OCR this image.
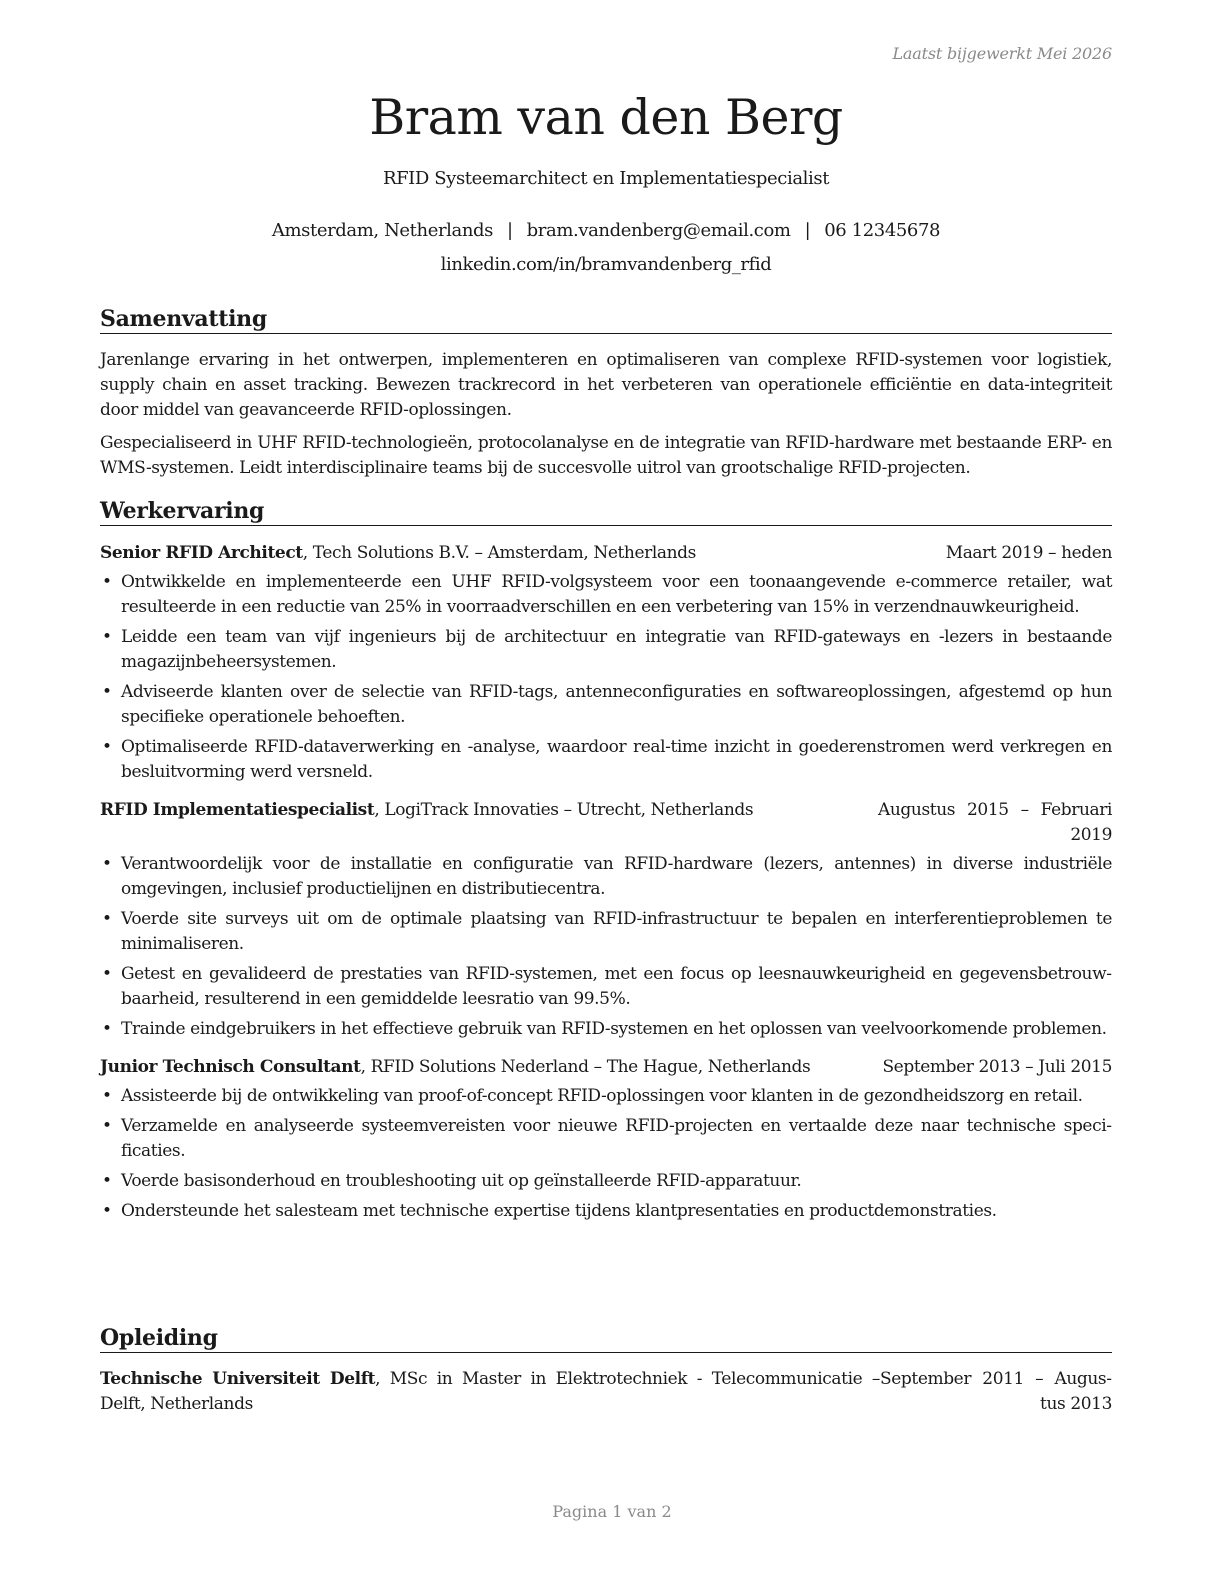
Laatst bijgewerkt Mei 2026
Bram van den Berg
RFID Systeemarchitect en Implementatiespecialist
Amsterdam, Netherlands | bram.vandenberg@email.com | 06 12345678
linkedin.com/in/bramvandenberg_rfid
Samenvatting

Jarenlange ervaring in het ontwerpen, implementeren en optimaliseren van complexe RFID-systemen voor logistiek, supply chain en asset tracking. Bewezen trackrecord in het verbeteren van operationele efficiëntie en data-integriteit door middel van geavanceerde RFID-oplossingen.

Gespecialiseerd in UHF RFID-technologieën, protocolanalyse en de integratie van RFID-hardware met bestaande ERP- en WMS-systemen. Leidt interdisciplinaire teams bij de succesvolle uitrol van grootschalige RFID-projecten.

Werkervaring
Senior RFID Architect, Tech Solutions B.V. – Amsterdam, Netherlands	Maart 2019 – heden
• Ontwikkelde en implementeerde een UHF RFID-volgsysteem voor een toonaangevende e-commerce retailer, wat resulteerde in een reductie van 25% in voorraadverschillen en een verbetering van 15% in verzendnauwkeurigheid.
• Leidde een team van vijf ingenieurs bij de architectuur en integratie van RFID-gateways en -lezers in bestaande magazijnbeheersystemen.
• Adviseerde klanten over de selectie van RFID-tags, antenneconfiguraties en softwareoplossingen, afgestemd op hun specifieke operationele behoeften.
• Optimaliseerde RFID-dataverwerking en -analyse, waardoor real-time inzicht in goederenstromen werd verkregen en besluitvorming werd versneld.
RFID Implementatiespecialist, LogiTrack Innovaties – Utrecht, Netherlands	Augustus 2015 – Februari 2019
• Verantwoordelijk voor de installatie en configuratie van RFID-hardware (lezers, antennes) in diverse industriële omgevingen, inclusief productielijnen en distributiecentra.
• Voerde site surveys uit om de optimale plaatsing van RFID-infrastructuur te bepalen en interferentieproblemen te minimaliseren.
• Getest en gevalideerd de prestaties van RFID-systemen, met een focus op leesnauwkeurigheid en gegevensbetrouwbaarheid, resulterend in een gemiddelde leesratio van 99.5%.
• Trainde eindgebruikers in het effectieve gebruik van RFID-systemen en het oplossen van veelvoorkomende problemen.
Junior Technisch Consultant, RFID Solutions Nederland – The Hague, Netherlands	September 2013 – Juli 2015
• Assisteerde bij de ontwikkeling van proof-of-concept RFID-oplossingen voor klanten in de gezondheidszorg en retail.
• Verzamelde en analyseerde systeemvereisten voor nieuwe RFID-projecten en vertaalde deze naar technische specificaties.
• Voerde basisonderhoud en troubleshooting uit op geïnstalleerde RFID-apparatuur.
• Ondersteunde het salesteam met technische expertise tijdens klantpresentaties en productdemonstraties.
Opleiding
Technische Universiteit Delft, MSc in Master in Elektrotechniek - Telecommunicatie – Delft, Netherlands
September 2011 – Augustus 2013
Pagina 1 van 2
